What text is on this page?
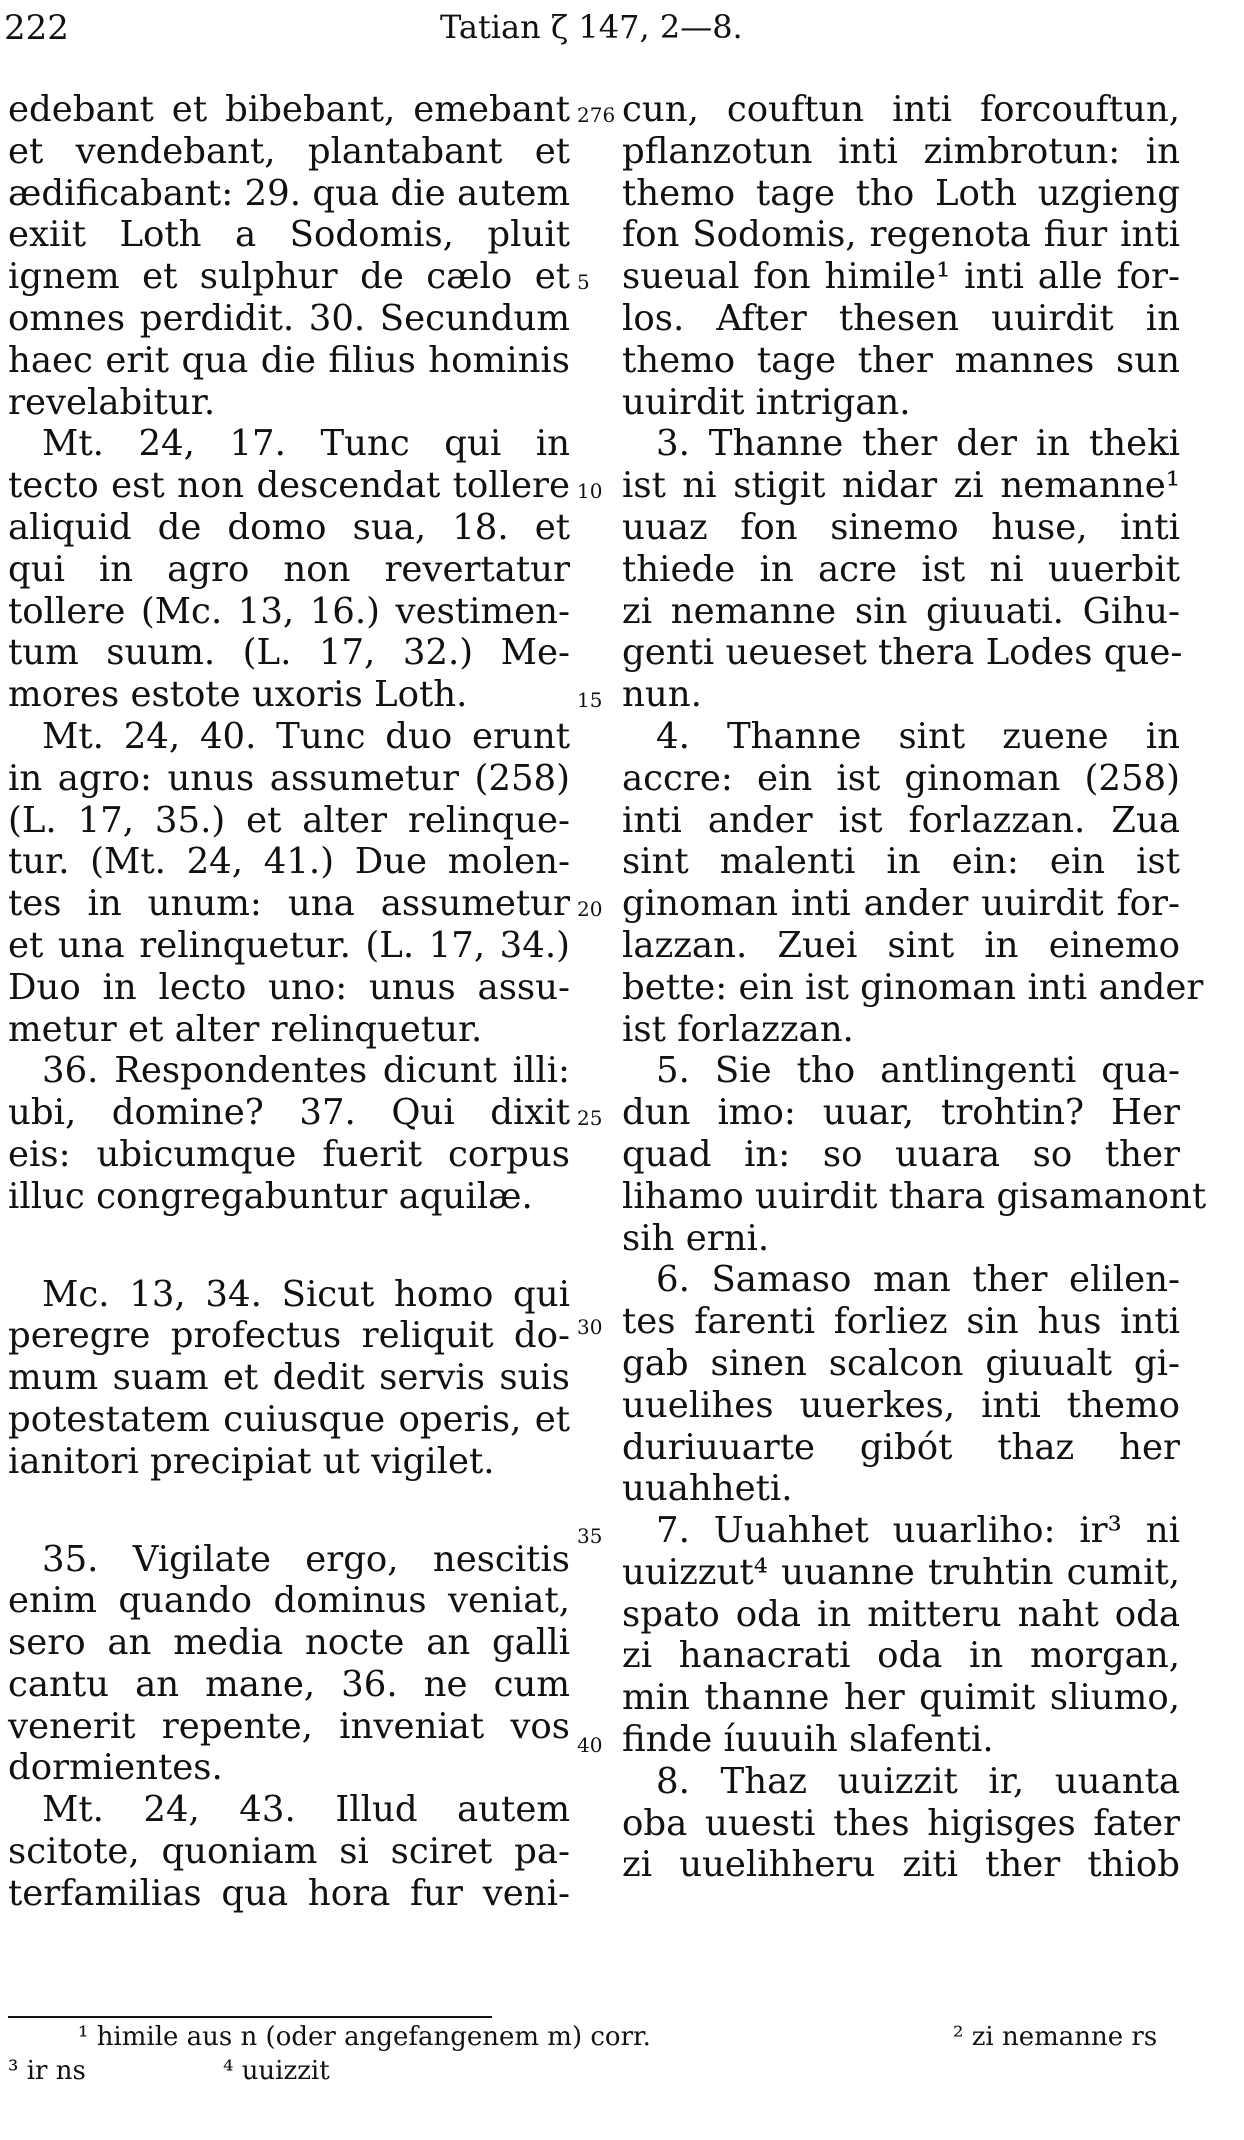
222	Tatian ζ 147, 2—8.
edebant et bibebant, emebant
et vendebant, plantabant et
ædificabant: 29. qua die autem
exiit Loth a Sodomis, pluit
ignem et sulphur de cælo et
omnes perdidit. 30. Secundum
haec erit qua die filius hominis
revelabitur.
Mt. 24, 17. Tunc qui in
tecto est non descendat tollere
aliquid de domo sua, 18. et
qui in agro non revertatur
tollere (Mc. 13, 16.) vestimen-
tum suum. (L. 17, 32.) Me-
mores estote uxoris Loth.
Mt. 24, 40. Tunc duo erunt
in agro: unus assumetur (258)
(L. 17, 35.) et alter relinque-
tur. (Mt. 24, 41.) Due molen-
tes in unum: una assumetur
et una relinquetur. (L. 17, 34.)
Duo in lecto uno: unus assu-
metur et alter relinquetur.
36. Respondentes dicunt illi:
ubi, domine? 37. Qui dixit
eis: ubicumque fuerit corpus
illuc congregabuntur aquilæ.
Mc. 13, 34. Sicut homo qui
peregre profectus reliquit do-
mum suam et dedit servis suis
potestatem cuiusque operis, et
ianitori precipiat ut vigilet.
35. Vigilate ergo, nescitis
enim quando dominus veniat,
sero an media nocte an galli
cantu an mane, 36. ne cum
venerit repente, inveniat vos
dormientes.
Mt. 24, 43. Illud autem
scitote, quoniam si sciret pa-
terfamilias qua hora fur veni-
276
5
10
15
20
25
30
35
40
cun, couftun inti forcouftun,
pflanzotun inti zimbrotun: in
themo tage tho Loth uzgieng
fon Sodomis, regenota fiur inti
sueual fon himile¹ inti alle for-
los. After thesen uuirdit in
themo tage ther mannes sun
uuirdit intrigan.
3. Thanne ther der in theki
ist ni stigit nidar zi nemanne¹
uuaz fon sinemo huse, inti
thiede in acre ist ni uuerbit
zi nemanne sin giuuati. Gihu-
genti ueueset thera Lodes que-
nun.
4. Thanne sint zuene in
accre: ein ist ginoman (258)
inti ander ist forlazzan. Zua
sint malenti in ein: ein ist
ginoman inti ander uuirdit for-
lazzan. Zuei sint in einemo
bette: ein ist ginoman inti ander
ist forlazzan.
5. Sie tho antlingenti qua-
dun imo: uuar, trohtin? Her
quad in: so uuara so ther
lihamo uuirdit thara gisamanont
sih erni.
6. Samaso man ther elilen-
tes farenti forliez sin hus inti
gab sinen scalcon giuualt gi-
uuelihes uuerkes, inti themo
duriuuarte gibót thaz her
uuahheti.
7. Uuahhet uuarliho: ir³ ni
uuizzut⁴ uuanne truhtin cumit,
spato oda in mitteru naht oda
zi hanacrati oda in morgan,
min thanne her quimit sliumo,
finde íuuuih slafenti.
8. Thaz uuizzit ir, uuanta
oba uuesti thes higisges fater
zi uuelihheru ziti ther thiob
¹ himile aus n (oder angefangenem m) corr.	² zi nemanne rs
³ ir ns	⁴ uuizzit
